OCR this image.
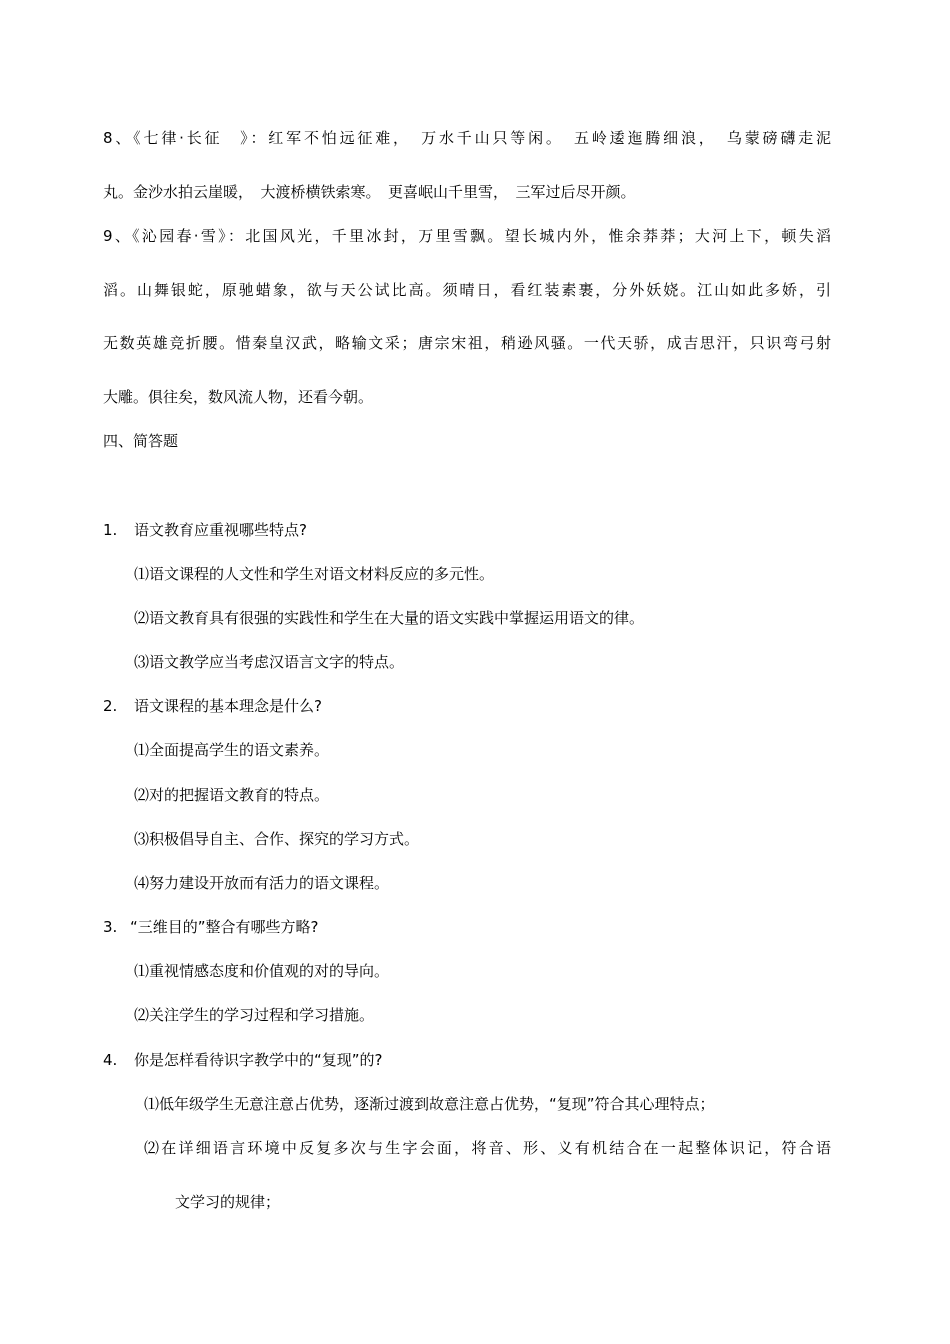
8、《七律·长征　》：红军不怕远征难，　万水千山只等闲。　五岭逶迤腾细浪，　乌蒙磅礴走泥
丸。金沙水拍云崖暖，　大渡桥横铁索寒。　更喜岷山千里雪，　三军过后尽开颜。
9、《沁园春·雪》：北国风光，千里冰封，万里雪飘。望长城内外，惟余莽莽；大河上下，顿失滔
滔。山舞银蛇，原驰蜡象，欲与天公试比高。须晴日，看红装素裹，分外妖娆。江山如此多娇，引
无数英雄竞折腰。惜秦皇汉武，略输文采；唐宗宋祖，稍逊风骚。一代天骄，成吉思汗，只识弯弓射
大雕。俱往矣，数风流人物，还看今朝。
四、简答题
1. 语文教育应重视哪些特点?
⑴语文课程的人文性和学生对语文材料反应的多元性。
⑵语文教育具有很强的实践性和学生在大量的语文实践中掌握运用语文的律。
⑶语文教学应当考虑汉语言文字的特点。
2. 语文课程的基本理念是什么?
⑴全面提高学生的语文素养。
⑵对的把握语文教育的特点。
⑶积极倡导自主、合作、探究的学习方式。
⑷努力建设开放而有活力的语文课程。
3. “三维目的”整合有哪些方略?
⑴重视情感态度和价值观的对的导向。
⑵关注学生的学习过程和学习措施。
4. 你是怎样看待识字教学中的“复现”的?
⑴低年级学生无意注意占优势，逐渐过渡到故意注意占优势，“复现”符合其心理特点；
⑵在详细语言环境中反复多次与生字会面，将音、形、义有机结合在一起整体识记，符合语
文学习的规律；
